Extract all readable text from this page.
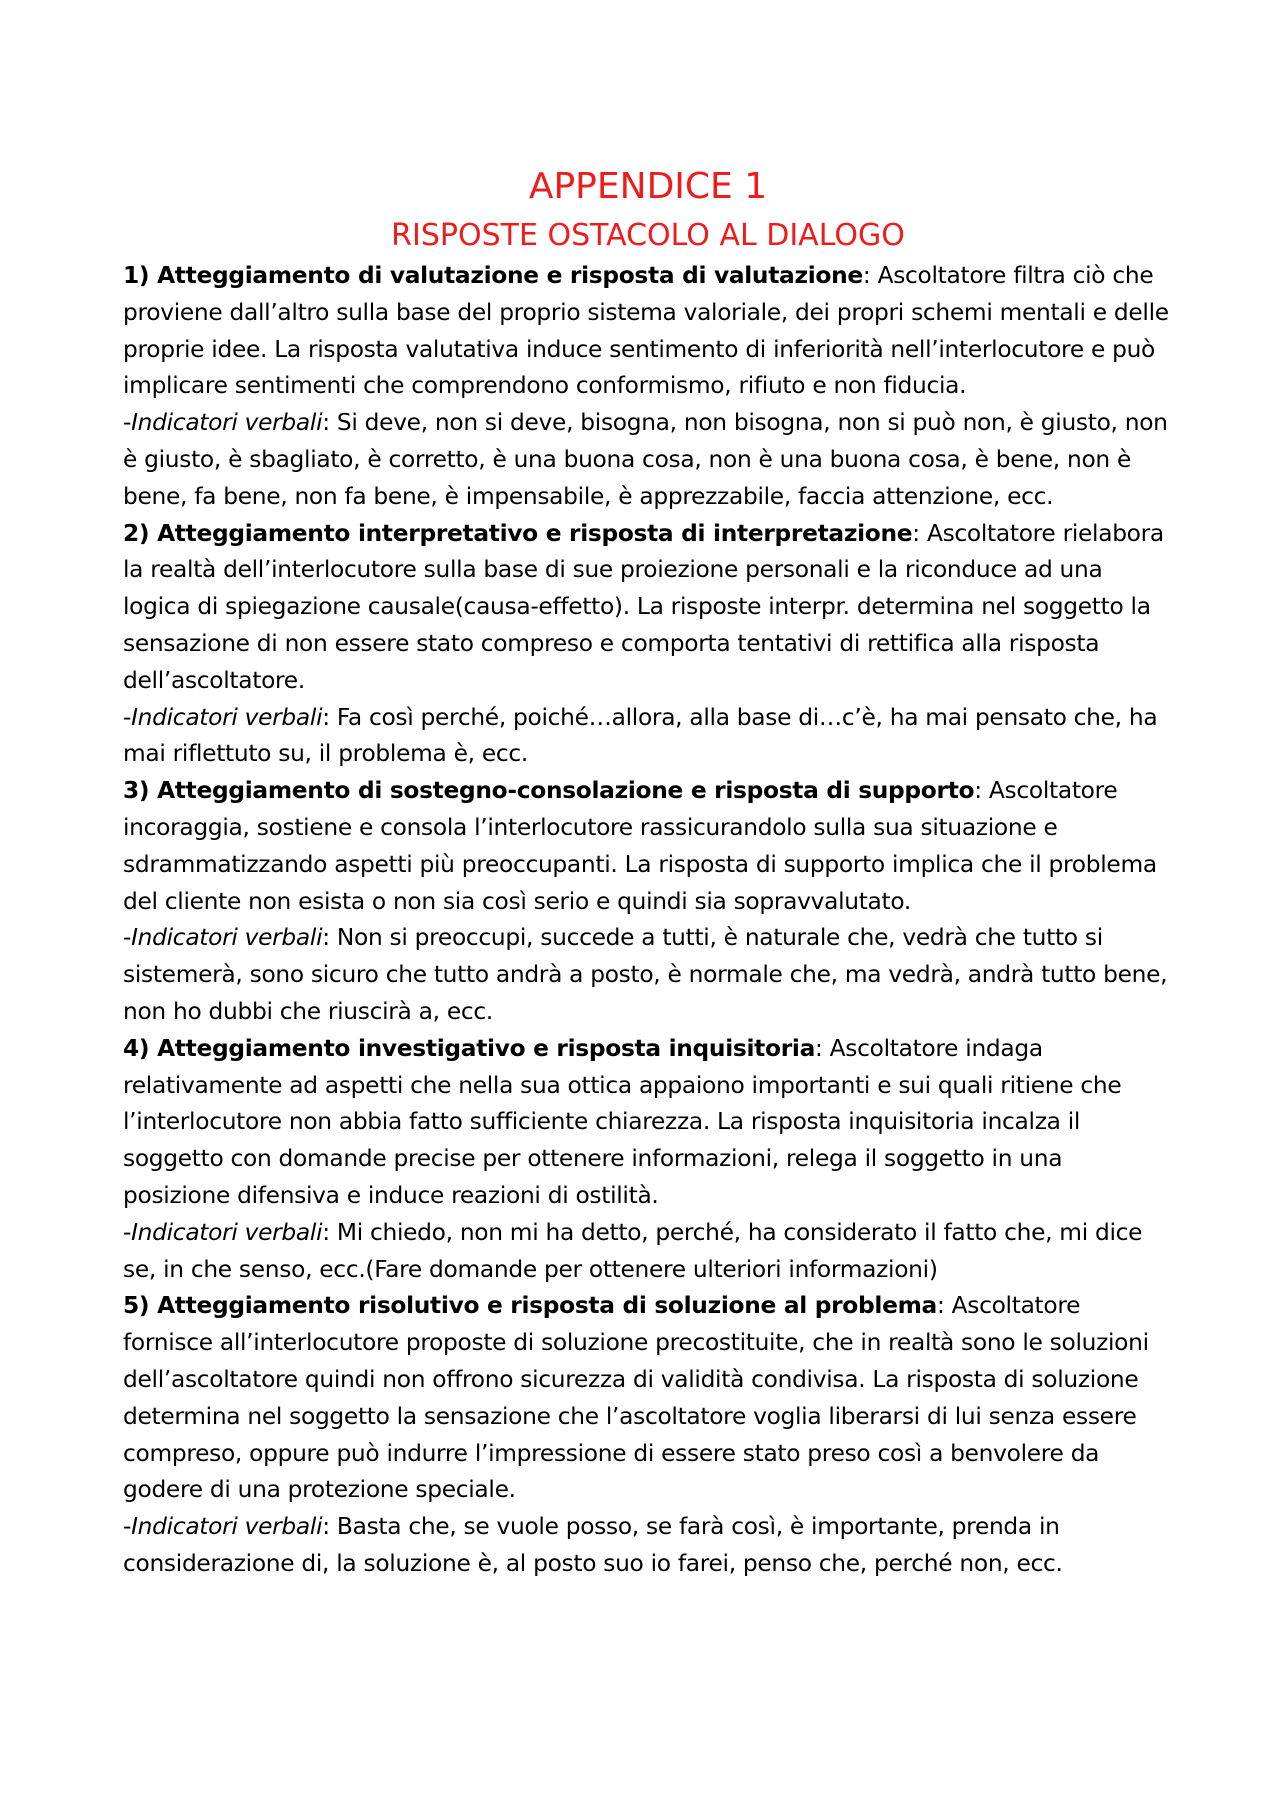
APPENDICE 1
RISPOSTE OSTACOLO AL DIALOGO

1) Atteggiamento di valutazione e risposta di valutazione: Ascoltatore filtra ciò che proviene dall’altro sulla base del proprio sistema valoriale, dei propri schemi mentali e delle proprie idee. La risposta valutativa induce sentimento di inferiorità nell’interlocutore e può implicare sentimenti che comprendono conformismo, rifiuto e non fiducia.

-Indicatori verbali: Si deve, non si deve, bisogna, non bisogna, non si può non, è giusto, non è giusto, è sbagliato, è corretto, è una buona cosa, non è una buona cosa, è bene, non è bene, fa bene, non fa bene, è impensabile, è apprezzabile, faccia attenzione, ecc.

2) Atteggiamento interpretativo e risposta di interpretazione: Ascoltatore rielabora la realtà dell’interlocutore sulla base di sue proiezione personali e la riconduce ad una logica di spiegazione causale(causa-effetto). La risposte interpr. determina nel soggetto la sensazione di non essere stato compreso e comporta tentativi di rettifica alla risposta dell’ascoltatore.

-Indicatori verbali: Fa così perché, poiché…allora, alla base di…c’è, ha mai pensato che, ha mai riflettuto su, il problema è, ecc.

3) Atteggiamento di sostegno-consolazione e risposta di supporto: Ascoltatore incoraggia, sostiene e consola l’interlocutore rassicurandolo sulla sua situazione e sdrammatizzando aspetti più preoccupanti. La risposta di supporto implica che il problema del cliente non esista o non sia così serio e quindi sia sopravvalutato.

-Indicatori verbali: Non si preoccupi, succede a tutti, è naturale che, vedrà che tutto si sistemerà, sono sicuro che tutto andrà a posto, è normale che, ma vedrà, andrà tutto bene, non ho dubbi che riuscirà a, ecc.

4) Atteggiamento investigativo e risposta inquisitoria: Ascoltatore indaga relativamente ad aspetti che nella sua ottica appaiono importanti e sui quali ritiene che l’interlocutore non abbia fatto sufficiente chiarezza. La risposta inquisitoria incalza il soggetto con domande precise per ottenere informazioni, relega il soggetto in una posizione difensiva e induce reazioni di ostilità.

-Indicatori verbali: Mi chiedo, non mi ha detto, perché, ha considerato il fatto che, mi dice se, in che senso, ecc.(Fare domande per ottenere ulteriori informazioni)

5) Atteggiamento risolutivo e risposta di soluzione al problema: Ascoltatore fornisce all’interlocutore proposte di soluzione precostituite, che in realtà sono le soluzioni dell’ascoltatore quindi non offrono sicurezza di validità condivisa. La risposta di soluzione determina nel soggetto la sensazione che l’ascoltatore voglia liberarsi di lui senza essere compreso, oppure può indurre l’impressione di essere stato preso così a benvolere da godere di una protezione speciale.

-Indicatori verbali: Basta che, se vuole posso, se farà così, è importante, prenda in considerazione di, la soluzione è, al posto suo io farei, penso che, perché non, ecc.
